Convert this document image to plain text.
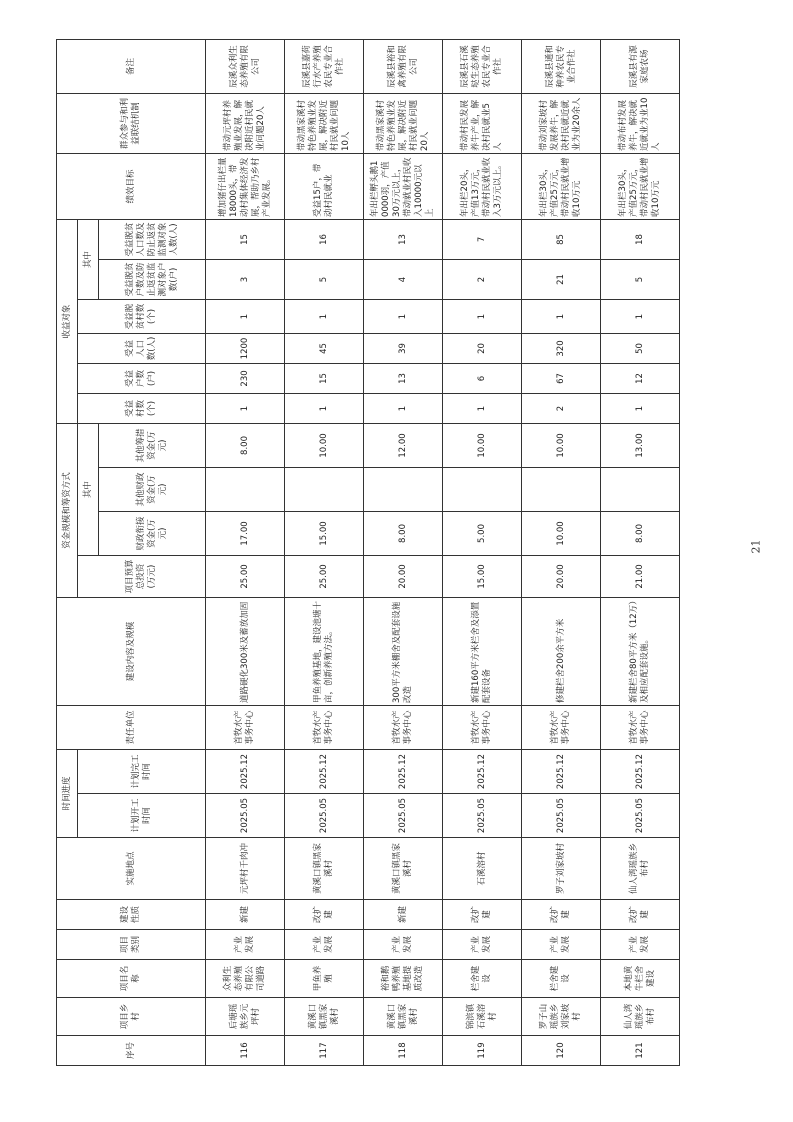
序号	项目乡村	项目名称	项目类别	建设性质	实施地点	时间进度		责任单位	建设内容及规模	资金规模和筹资方式				收益对象						绩效目标	群众参与和利益联结机制	备注
						计划开工时间	计划完工时间			项目预算总投资(万元)	其中			受益村数(个)	受益户数(户)	受益人口数(人)	受益脱贫村数(个)	其中				
											财政衔接资金(万元)	其他财政资金(万元)	其他筹措资金(万元)					受益脱贫户数及防止返贫监测对象户数(户)	受益脱贫人口数及防止返贫监测对象人数(人)			
116	后塘瑶族乡元坪村	众利生态养殖有限公司道路	产业发展	新建	元坪村千肉冲	2025.05	2025.12	首牧水产事务中心	道路硬化300米及蓄放加固	25.00	17.00		8.00	1	230	1200	1	3	15	增加猪仔出栏量18000头，带动村集体经济发展，帮助乃乡村产业发展。	带动元坪村养殖业发展，解决附近村民就业问题20人	辰溪众利生态养殖有限公司
117	黄溪口镇黑家溪村	甲鱼养殖	产业发展	改扩建	黄溪口镇黑家溪村	2025.05	2025.12	首牧水产事务中心	甲鱼养殖基地，建设池塘十亩，创新养殖方法。	25.00	15.00		10.00	1	15	45	1	5	16	受益15户，带动村民就业	带动黑家溪村特色养殖业发展，解决附近村民就业问题10人	辰溪县嘉荷行水产养殖农民专业合作社
118	黄溪口镇黑家溪村	裕和鹅鸭养殖基地提质改造	产业发展	新建	黄溪口镇黑家溪村	2025.05	2025.12	首牧水产事务中心	300平方米棚舍及配套设施改造	20.00	8.00		12.00	1	13	39	1	4	13	年出栏孵头鹅10000羽，产值30万元以上，带动就业村民收入10000元以上	带动黑家溪村特色养殖业发展，解决附近村民就业问题20人	辰溪县裕和禽养殖有限公司
119	锦滨镇石溪溶村	栏舍建设	产业发展	改扩建	石溪溶村	2025.05	2025.12	首牧水产事务中心	新建160平方米栏舍及添置配套设备	15.00	5.00		10.00	1	6	20	1	2	7	年出栏20头，产值13万元，带动村民就业收入3万元以上。	带动村民发展养牛产业，解决村民就业5人	辰溪县石溪垯生态养殖农民专业合作社
120	罗子山瑶族乡刘家坡村	栏舍建设	产业发展	改扩建	罗子刘家坡村	2025.05	2025.12	首牧水产事务中心	修建栏舍200余平方米	20.00	10.00		10.00	2	67	320	1	21	85	年出栏30头，产值25万元，带动村民就业增收10万元	带动刘家坡村发展养牛，解决村民就近就业为业20余人	辰溪县通和种养农民专业合作社
121	仙人湾瑶族乡布村	本地黄牛栏舍建设	产业发展	改扩建	仙人湾瑶族乡布村	2025.05	2025.12	首牧水产事务中心	新建栏舍80平方米（12万）及相应配套设施。	21.00	8.00		13.00	1	12	50	1	5	18	年出栏30头，产值25万元，带动村民就业增收10万元	带动布村发展养牛，解决就近就业为业10人	辰溪县有源家庭农场
21
